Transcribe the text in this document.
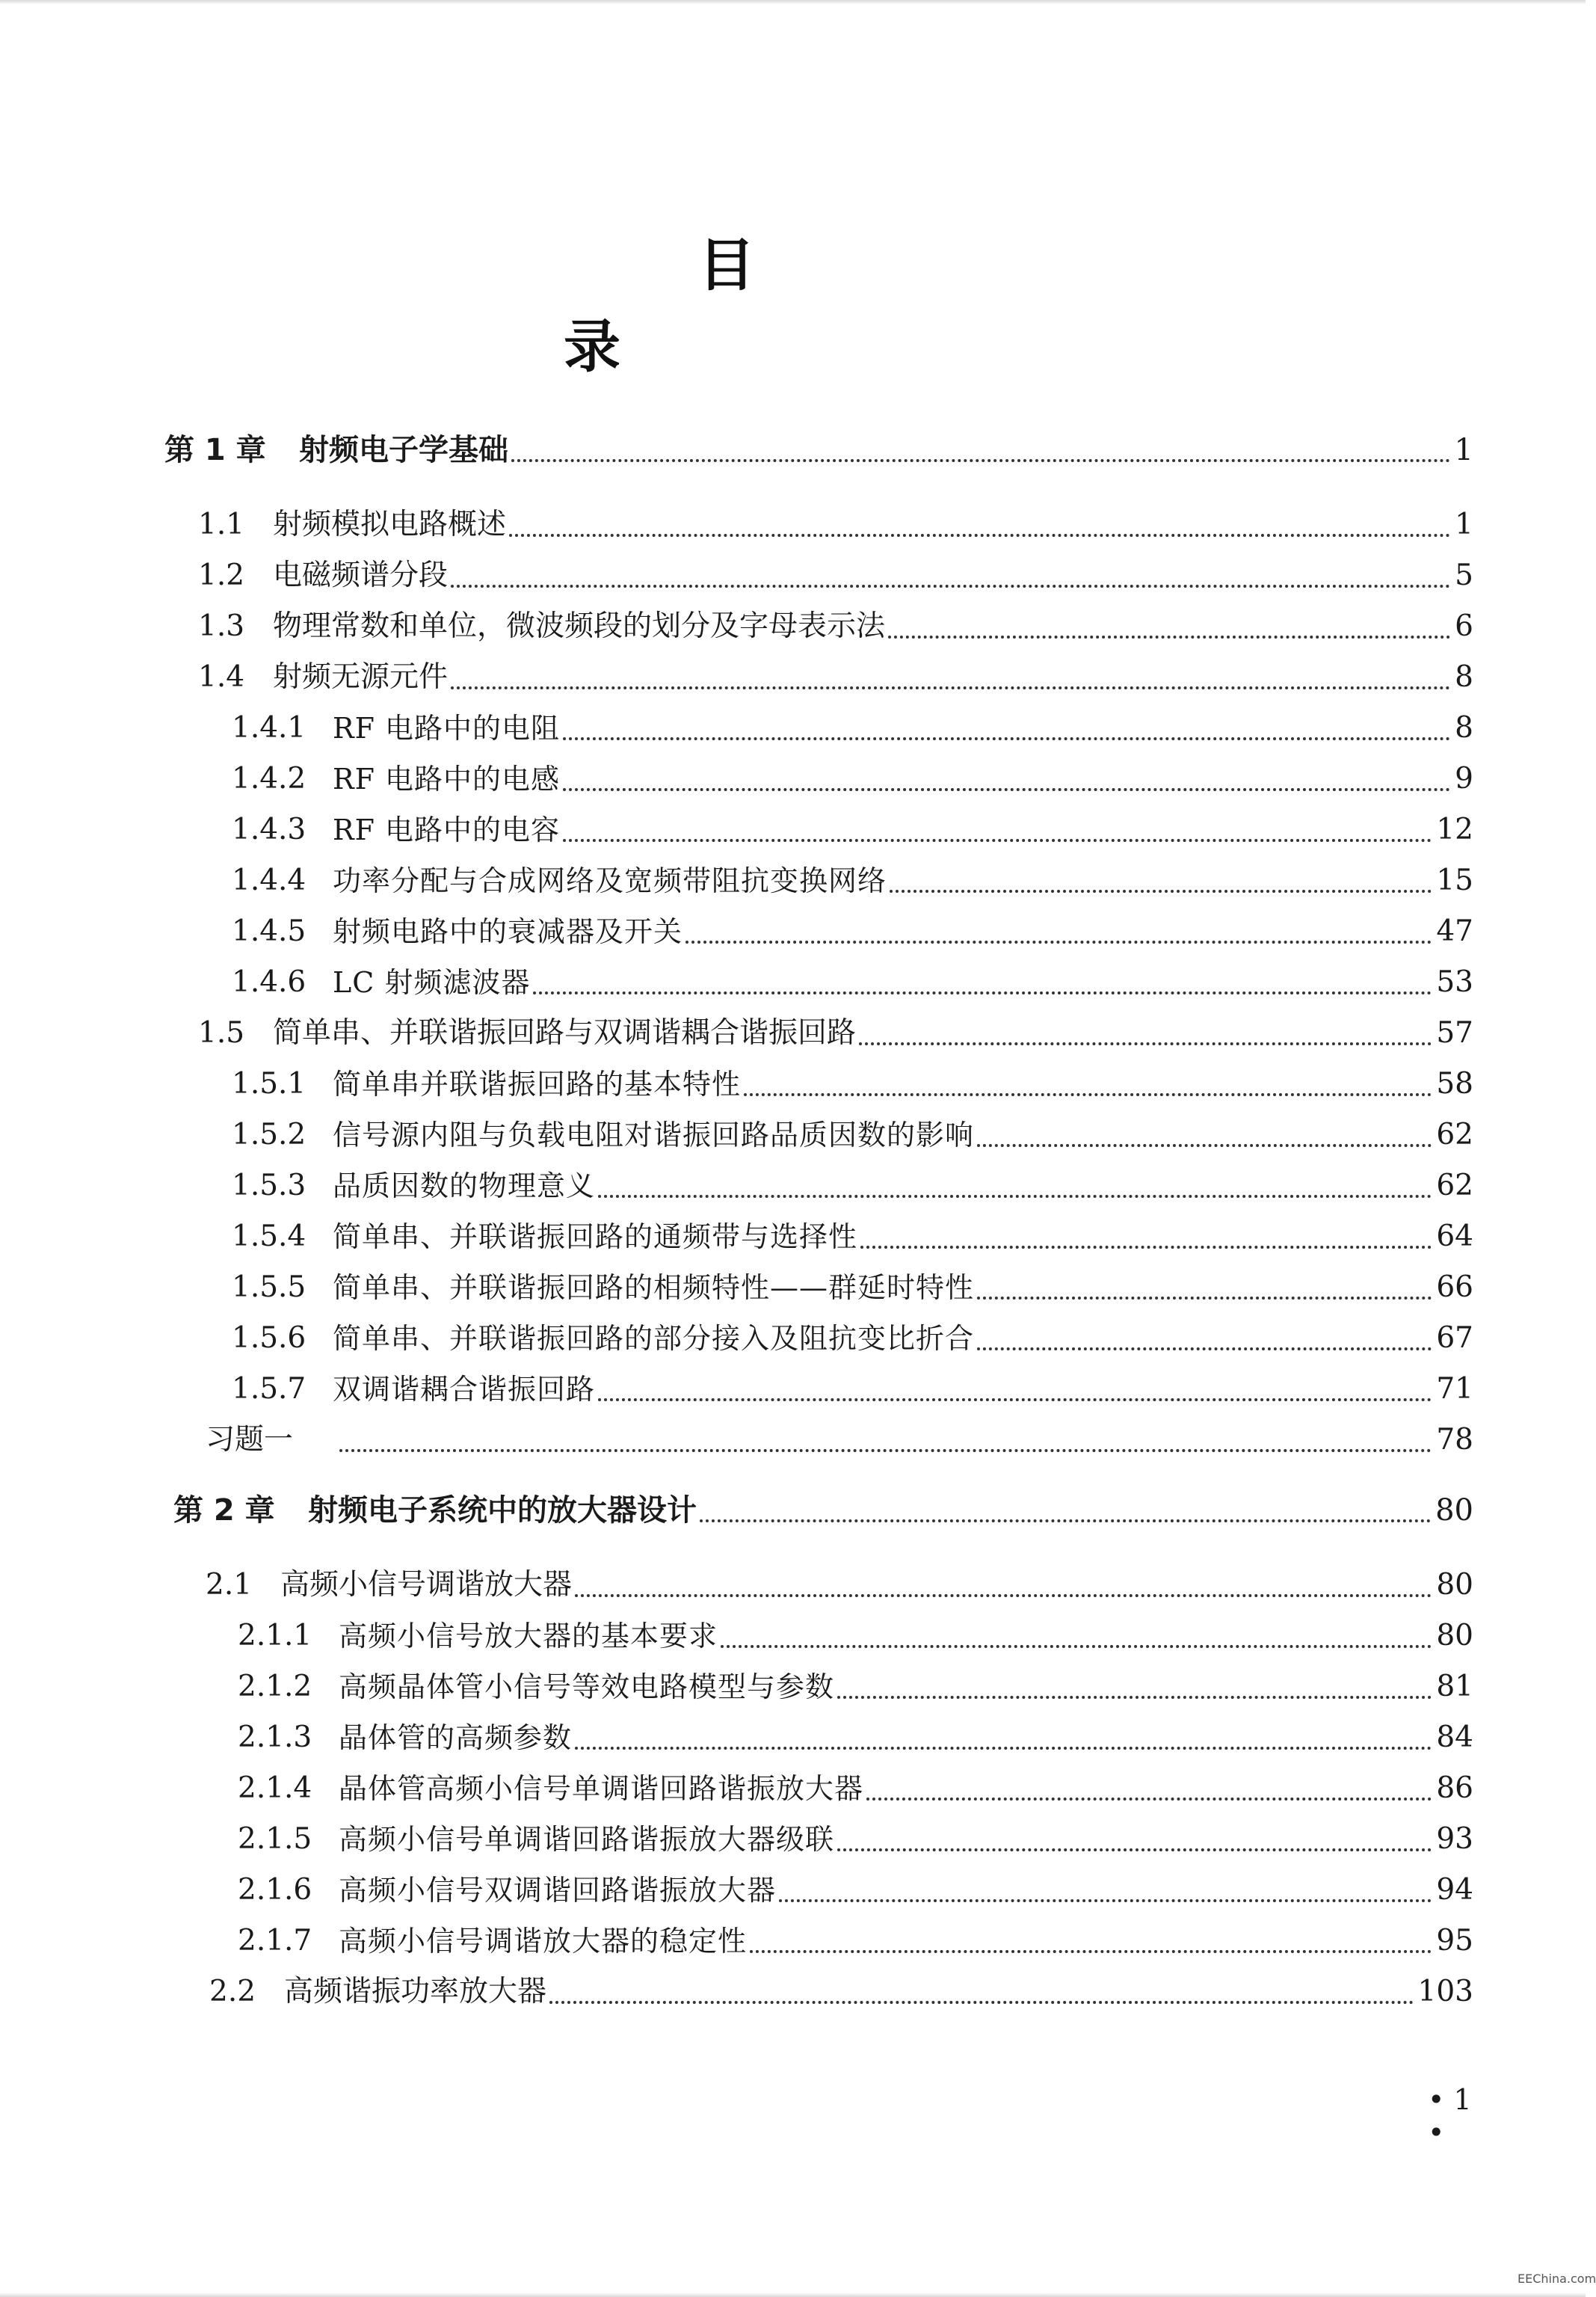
目　录
第 1 章	射频电子学基础	1
1.1 射频模拟电路概述	1
1.2 电磁频谱分段	5
1.3 物理常数和单位，微波频段的划分及字母表示法	6
1.4 射频无源元件	8
1.4.1 RF 电路中的电阻	8
1.4.2 RF 电路中的电感	9
1.4.3 RF 电路中的电容	12
1.4.4 功率分配与合成网络及宽频带阻抗变换网络	15
1.4.5 射频电路中的衰减器及开关	47
1.4.6 LC 射频滤波器	53
1.5 简单串、并联谐振回路与双调谐耦合谐振回路	57
1.5.1 简单串并联谐振回路的基本特性	58
1.5.2 信号源内阻与负载电阻对谐振回路品质因数的影响	62
1.5.3 品质因数的物理意义	62
1.5.4 简单串、并联谐振回路的通频带与选择性	64
1.5.5 简单串、并联谐振回路的相频特性——群延时特性	66
1.5.6 简单串、并联谐振回路的部分接入及阻抗变比折合	67
1.5.7 双调谐耦合谐振回路	71
习题一	78
第 2 章	射频电子系统中的放大器设计	80
2.1 高频小信号调谐放大器	80
2.1.1 高频小信号放大器的基本要求	80
2.1.2 高频晶体管小信号等效电路模型与参数	81
2.1.3 晶体管的高频参数	84
2.1.4 晶体管高频小信号单调谐回路谐振放大器	86
2.1.5 高频小信号单调谐回路谐振放大器级联	93
2.1.6 高频小信号双调谐回路谐振放大器	94
2.1.7 高频小信号调谐放大器的稳定性	95
2.2 高频谐振功率放大器	103
• 1 •
EEChina.com
